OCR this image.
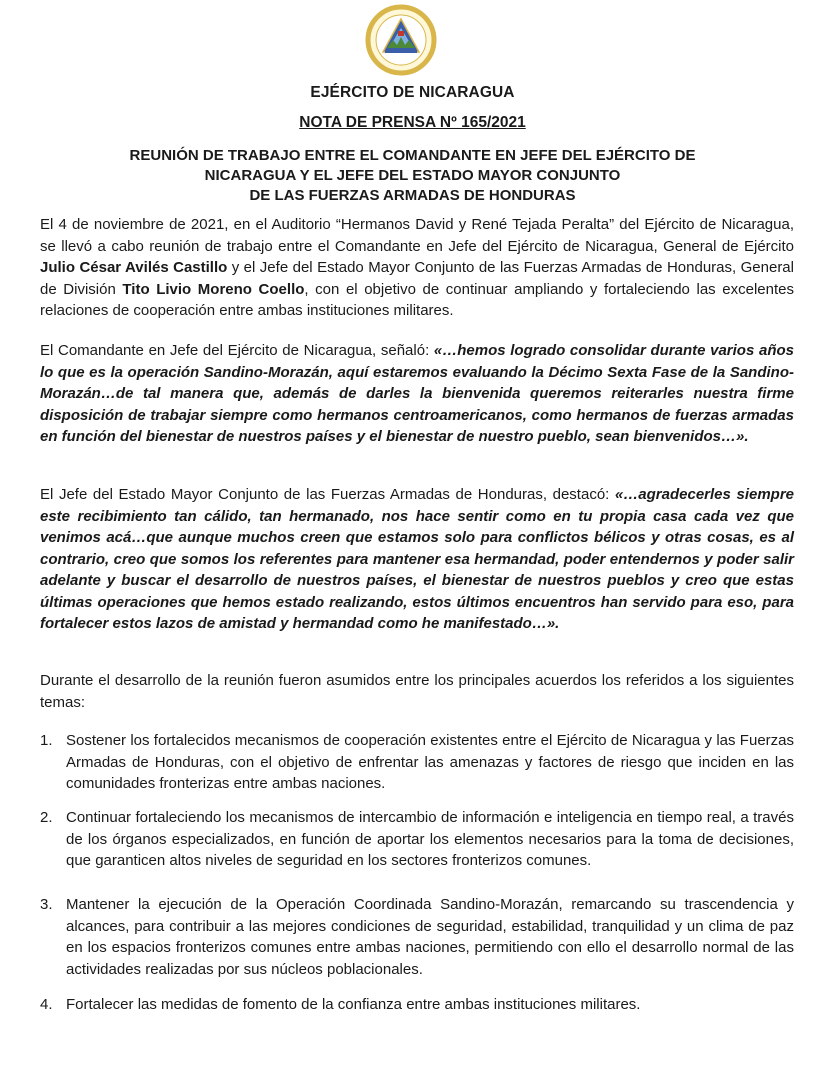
EJÉRCITO DE NICARAGUA
NOTA DE PRENSA Nº 165/2021
REUNIÓN DE TRABAJO ENTRE EL COMANDANTE EN JEFE DEL EJÉRCITO DE
NICARAGUA Y EL JEFE DEL ESTADO MAYOR CONJUNTO
DE LAS FUERZAS ARMADAS DE HONDURAS
El 4 de noviembre de 2021, en el Auditorio “Hermanos David y René Tejada Peralta” del Ejército de Nicaragua, se llevó a cabo reunión de trabajo entre el Comandante en Jefe del Ejército de Nicaragua, General de Ejército Julio César Avilés Castillo y el Jefe del Estado Mayor Conjunto de las Fuerzas Armadas de Honduras, General de División Tito Livio Moreno Coello, con el objetivo de continuar ampliando y fortaleciendo las excelentes relaciones de cooperación entre ambas instituciones militares.
El Comandante en Jefe del Ejército de Nicaragua, señaló: «…hemos logrado consolidar durante varios años lo que es la operación Sandino-Morazán, aquí estaremos evaluando la Décimo Sexta Fase de la Sandino-Morazán…de tal manera que, además de darles la bienvenida queremos reiterarles nuestra firme disposición de trabajar siempre como hermanos centroamericanos, como hermanos de fuerzas armadas en función del bienestar de nuestros países y el bienestar de nuestro pueblo, sean bienvenidos…».
El Jefe del Estado Mayor Conjunto de las Fuerzas Armadas de Honduras, destacó: «…agradecerles siempre este recibimiento tan cálido, tan hermanado, nos hace sentir como en tu propia casa cada vez que venimos acá…que aunque muchos creen que estamos solo para conflictos bélicos y otras cosas, es al contrario, creo que somos los referentes para mantener esa hermandad, poder entendernos y poder salir adelante y buscar el desarrollo de nuestros países, el bienestar de nuestros pueblos y creo que estas últimas operaciones que hemos estado realizando, estos últimos encuentros han servido para eso, para fortalecer estos lazos de amistad y hermandad como he manifestado…».
Durante el desarrollo de la reunión fueron asumidos entre los principales acuerdos los referidos a los siguientes temas:
1. Sostener los fortalecidos mecanismos de cooperación existentes entre el Ejército de Nicaragua y las Fuerzas Armadas de Honduras, con el objetivo de enfrentar las amenazas y factores de riesgo que inciden en las comunidades fronterizas entre ambas naciones.
2. Continuar fortaleciendo los mecanismos de intercambio de información e inteligencia en tiempo real, a través de los órganos especializados, en función de aportar los elementos necesarios para la toma de decisiones, que garanticen altos niveles de seguridad en los sectores fronterizos comunes.
3. Mantener la ejecución de la Operación Coordinada Sandino-Morazán, remarcando su trascendencia y alcances, para contribuir a las mejores condiciones de seguridad, estabilidad, tranquilidad y un clima de paz en los espacios fronterizos comunes entre ambas naciones, permitiendo con ello el desarrollo normal de las actividades realizadas por sus núcleos poblacionales.
4. Fortalecer las medidas de fomento de la confianza entre ambas instituciones militares.
